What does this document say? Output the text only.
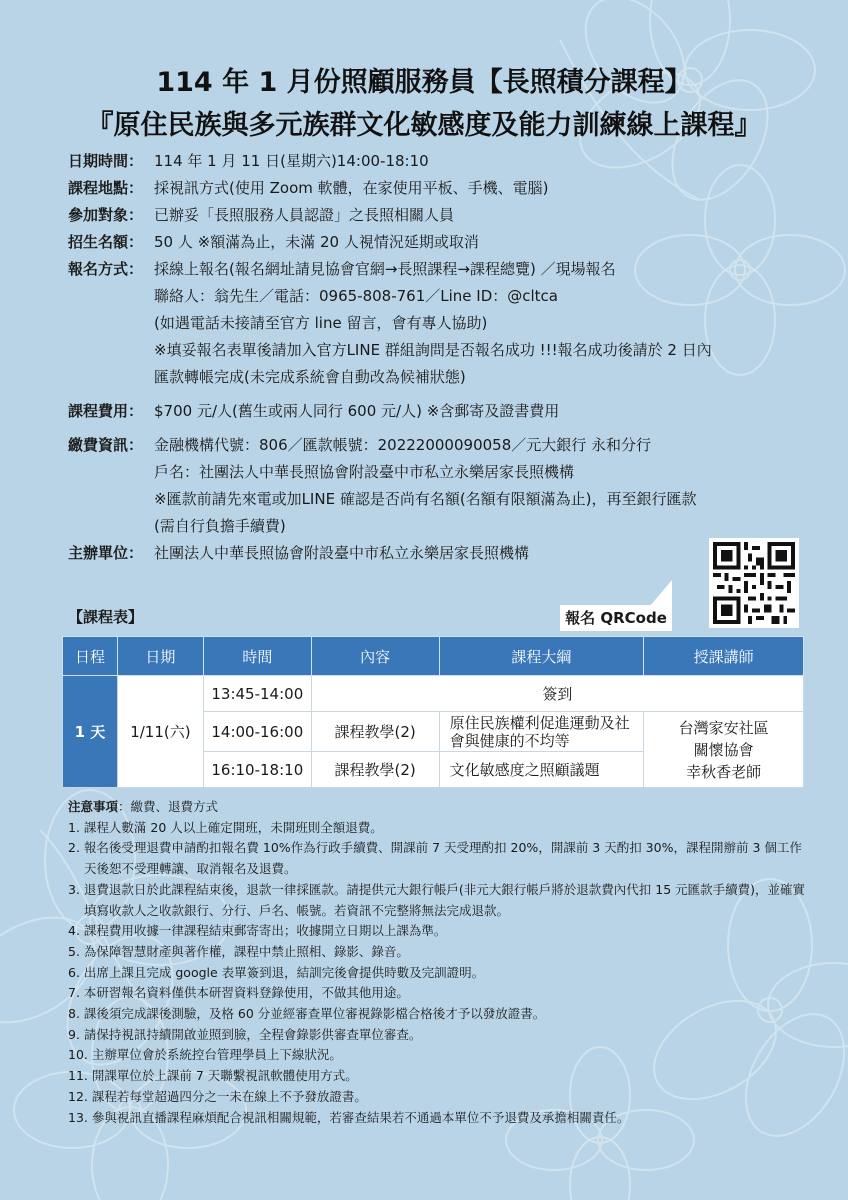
114 年 1 月份照顧服務員【長照積分課程】
『原住民族與多元族群文化敏感度及能力訓練線上課程』
日期時間： 114 年 1 月 11 日(星期六)14:00-18:10
課程地點： 採視訊方式(使用 Zoom 軟體，在家使用平板、手機、電腦)
參加對象： 已辦妥「長照服務人員認證」之長照相關人員
招生名額： 50 人 ※額滿為止，未滿 20 人視情況延期或取消
報名方式： 採線上報名(報名網址請見協會官網→長照課程→課程總覽) ／現場報名
聯絡人：翁先生／電話：0965-808-761／Line ID：@cltca
(如遇電話未接請至官方 line 留言，會有專人協助)
※填妥報名表單後請加入官方LINE 群組詢問是否報名成功 !!!報名成功後請於 2 日內
匯款轉帳完成(未完成系統會自動改為候補狀態)
課程費用： $700 元/人(舊生或兩人同行 600 元/人) ※含郵寄及證書費用
繳費資訊： 金融機構代號：806／匯款帳號：20222000090058／元大銀行 永和分行
戶名：社團法人中華長照協會附設臺中市私立永樂居家長照機構
※匯款前請先來電或加LINE 確認是否尚有名額(名額有限額滿為止)，再至銀行匯款
(需自行負擔手續費)
主辦單位： 社團法人中華長照協會附設臺中市私立永樂居家長照機構
報名 QRCode
【課程表】
日程	日期	時間	內容	課程大綱	授課講師
1 天	1/11(六)	13:45-14:00	簽到		
		14:00-16:00	課程教學(2)	原住民族權利促進運動及社會與健康的不均等	台灣家安社區
關懷協會
幸秋香老師

		16:10-18:10	課程教學(2)	文化敏感度之照顧議題	
注意事項：繳費、退費方式
1. 課程人數滿 20 人以上確定開班，未開班則全額退費。
2. 報名後受理退費申請酌扣報名費 10%作為行政手續費、開課前 7 天受理酌扣 20%，開課前 3 天酌扣 30%，課程開辦前 3 個工作天後恕不受理轉讓、取消報名及退費。
3. 退費退款日於此課程結束後，退款一律採匯款。請提供元大銀行帳戶(非元大銀行帳戶將於退款費內代扣 15 元匯款手續費)，並確實填寫收款人之收款銀行、分行、戶名、帳號。若資訊不完整將無法完成退款。
4. 課程費用收據一律課程結束郵寄寄出；收據開立日期以上課為準。
5. 為保障智慧財產與著作權，課程中禁止照相、錄影、錄音。
6. 出席上課且完成 google 表單簽到退，結訓完後會提供時數及完訓證明。
7. 本研習報名資料僅供本研習資料登錄使用，不做其他用途。
8. 課後須完成課後測驗，及格 60 分並經審查單位審視錄影檔合格後才予以發放證書。
9. 請保持視訊持續開啟並照到臉，全程會錄影供審查單位審查。
10. 主辦單位會於系統控台管理學員上下線狀況。
11. 開課單位於上課前 7 天聯繫視訊軟體使用方式。
12. 課程若每堂超過四分之一未在線上不予發放證書。
13. 參與視訊直播課程麻煩配合視訊相關規範，若審查結果若不通過本單位不予退費及承擔相關責任。
